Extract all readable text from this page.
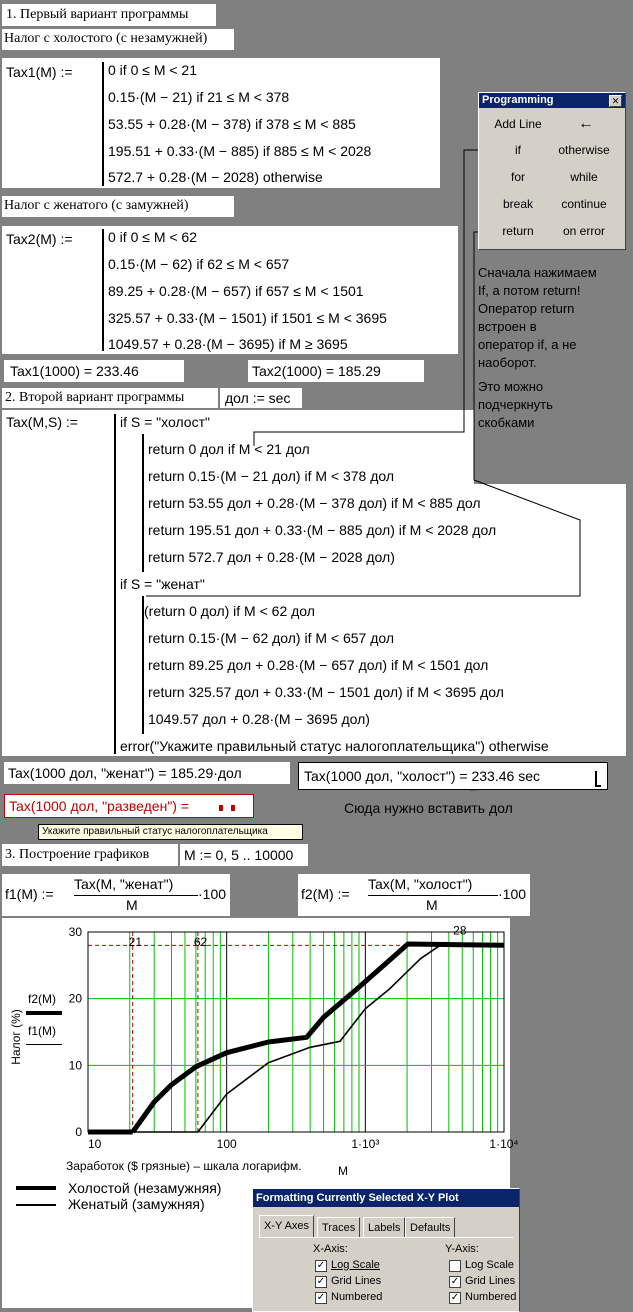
1. Первый вариант программы
Налог с холостого (с незамужней)
Tax1(M) :=	0 if 0 ≤ M < 21
0.15·(M − 21) if 21 ≤ M < 378
53.55 + 0.28·(M − 378) if 378 ≤ M < 885
195.51 + 0.33·(M − 885) if 885 ≤ M < 2028
572.7 + 0.28·(M − 2028) otherwise
Налог с женатого (с замужней)
Tax2(M) :=	0 if 0 ≤ M < 62
0.15·(M − 62) if 62 ≤ M < 657
89.25 + 0.28·(M − 657) if 657 ≤ M < 1501
325.57 + 0.33·(M − 1501) if 1501 ≤ M < 3695
1049.57 + 0.28·(M − 3695) if M ≥ 3695
Tax1(1000) = 233.46	Tax2(1000) = 185.29
2. Второй вариант программы	дол := sec
Tax(M,S) :=	if S = "холост"
return 0 дол if M < 21 дол
return 0.15·(M − 21 дол) if M < 378 дол
return 53.55 дол + 0.28·(M − 378 дол) if M < 885 дол
return 195.51 дол + 0.33·(M − 885 дол) if M < 2028 дол
return 572.7 дол + 0.28·(M − 2028 дол)
if S = "женат"
(return 0 дол) if M < 62 дол
return 0.15·(M − 62 дол) if M < 657 дол
return 89.25 дол + 0.28·(M − 657 дол) if M < 1501 дол
return 325.57 дол + 0.33·(M − 1501 дол) if M < 3695 дол
1049.57 дол + 0.28·(M − 3695 дол)
error("Укажите правильный статус налогоплательщика") otherwise
Tax(1000 дол, "женат") = 185.29·дол	Tax(1000 дол, "холост") = 233.46 sec
Tax(1000 дол, "разведен") =	Сюда нужно вставить дол
Укажите правильный статус налогоплательщика
Programming	✕
Add Line	←
if	otherwise
for	while
break	continue
return	on error
Сначала нажимаем
If, а потом return!
Оператор return
встроен в
оператор if, а не
наоборот.
Это можно
подчеркнуть
скобками
3. Построение графиков M := 0, 5 .. 10000
f1(M) :=
Tax(M, "женат")
M
·100	f2(M) :=
Tax(M, "холост")
M
·100
0
10
20
30
10	100	1·10³	1·10⁴
21	62
28
Налог (%)
f2(M)
f1(M)
Заработок ($ грязные) – шкала логарифм.	M
Холостой (незамужняя)
Женатый (замужняя)	Formatting Currently Selected X-Y Plot
X-Y Axes	Traces	Labels Defaults
X-Axis:	Y-Axis:
✓ Log Scale
✓ Grid Lines
✓ Numbered
Log Scale
✓ Grid Lines
✓ Numbered
